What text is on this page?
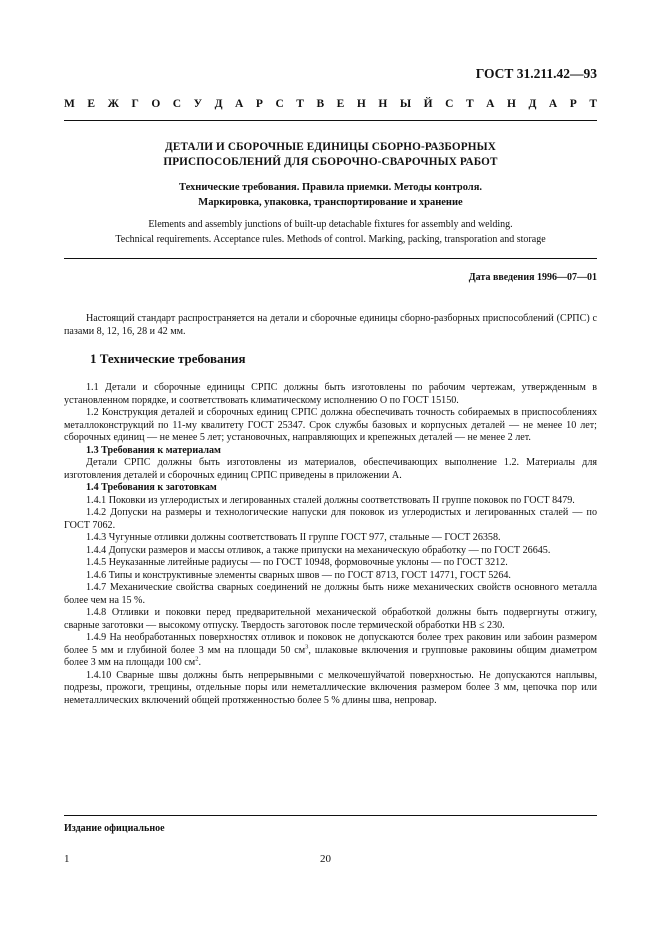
ГОСТ 31.211.42—93
М Е Ж Г О С У Д А Р С Т В Е Н Н Ы Й С Т А Н Д А Р Т
ДЕТАЛИ И СБОРОЧНЫЕ ЕДИНИЦЫ СБОРНО-РАЗБОРНЫХ
ПРИСПОСОБЛЕНИЙ ДЛЯ СБОРОЧНО-СВАРОЧНЫХ РАБОТ
Технические требования. Правила приемки. Методы контроля.
Маркировка, упаковка, транспортирование и хранение
Elements and assembly junctions of built-up detachable fixtures for assembly and welding.
Technical requirements. Acceptance rules. Methods of control. Marking, packing, transporation and storage
Дата введения 1996—07—01

Настоящий стандарт распространяется на детали и сборочные единицы сборно-разборных приспособлений (СРПС) с пазами 8, 12, 16, 28 и 42 мм.

1 Технические требования

1.1 Детали и сборочные единицы СРПС должны быть изготовлены по рабочим чертежам, утвержденным в установленном порядке, и соответствовать климатическому исполнению О по ГОСТ 15150.

1.2 Конструкция деталей и сборочных единиц СРПС должна обеспечивать точность собираемых в приспособлениях металлоконструкций по 11-му квалитету ГОСТ 25347. Срок службы базовых и корпусных деталей — не менее 10 лет; сборочных единиц — не менее 5 лет; установочных, направляющих и крепежных деталей — не менее 2 лет.

1.3 Требования к материалам

Детали СРПС должны быть изготовлены из материалов, обеспечивающих выполнение 1.2. Материалы для изготовления деталей и сборочных единиц СРПС приведены в приложении А.

1.4 Требования к заготовкам

1.4.1 Поковки из углеродистых и легированных сталей должны соответствовать II группе поковок по ГОСТ 8479.

1.4.2 Допуски на размеры и технологические напуски для поковок из углеродистых и легированных сталей — по ГОСТ 7062.

1.4.3 Чугунные отливки должны соответствовать II группе ГОСТ 977, стальные — ГОСТ 26358.

1.4.4 Допуски размеров и массы отливок, а также припуски на механическую обработку — по ГОСТ 26645.

1.4.5 Неуказанные литейные радиусы — по ГОСТ 10948, формовочные уклоны — по ГОСТ 3212.

1.4.6 Типы и конструктивные элементы сварных швов — по ГОСТ 8713, ГОСТ 14771, ГОСТ 5264.

1.4.7 Механические свойства сварных соединений не должны быть ниже механических свойств основного металла более чем на 15 %.

1.4.8 Отливки и поковки перед предварительной механической обработкой должны быть подвергнуты отжигу, сварные заготовки — высокому отпуску. Твердость заготовок после термической обработки НВ ≤ 230.

1.4.9 На необработанных поверхностях отливок и поковок не допускаются более трех раковин или забоин размером более 5 мм и глубиной более 3 мм на площади 50 $см^3$, шлаковые включения и групповые раковины общим диаметром более 3 мм на площади 100 $см^2$.

1.4.10 Сварные швы должны быть непрерывными с мелкочешуйчатой поверхностью. Не допускаются наплывы, подрезы, прожоги, трещины, отдельные поры или неметаллические включения размером более 3 мм, цепочка пор или неметаллических включений общей протяженностью более 5 % длины шва, непровар.

Издание официальное
1	20
